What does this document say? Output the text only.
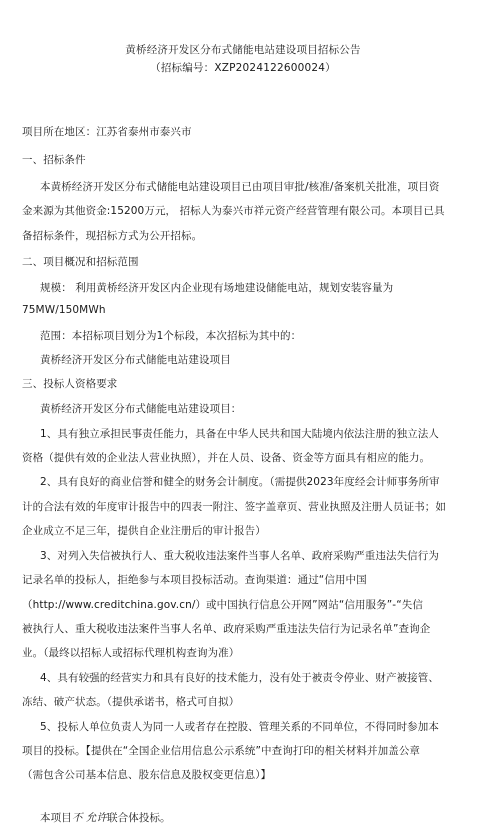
黄桥经济开发区分布式储能电站建设项目招标公告
（招标编号：XZP2024122600024）
项目所在地区：江苏省泰州市泰兴市
一、招标条件
本黄桥经济开发区分布式储能电站建设项目已由项目审批/核准/备案机关批准，项目资
金来源为其他资金:15200万元， 招标人为泰兴市祥元资产经营管理有限公司。本项目已具
备招标条件，现招标方式为公开招标。
二、项目概况和招标范围
规模： 利用黄桥经济开发区内企业现有场地建设储能电站，规划安装容量为
75MW/150MWh
范围：本招标项目划分为1个标段，本次招标为其中的：
黄桥经济开发区分布式储能电站建设项目
三、投标人资格要求
黄桥经济开发区分布式储能电站建设项目：
1、具有独立承担民事责任能力，具备在中华人民共和国大陆境内依法注册的独立法人
资格（提供有效的企业法人营业执照），并在人员、设备、资金等方面具有相应的能力。
2、具有良好的商业信誉和健全的财务会计制度。（需提供2023年度经会计师事务所审
计的合法有效的年度审计报告中的四表一附注、签字盖章页、营业执照及注册人员证书；如
企业成立不足三年，提供自企业注册后的审计报告）
3、对列入失信被执行人、重大税收违法案件当事人名单、政府采购严重违法失信行为
记录名单的投标人，拒绝参与本项目投标活动。查询渠道：通过“信用中国
（http://www.creditchina.gov.cn/）或中国执行信息公开网”网站“信用服务”-“失信
被执行人、重大税收违法案件当事人名单、政府采购严重违法失信行为记录名单”查询企
业。（最终以招标人或招标代理机构查询为准）
4、具有较强的经营实力和具有良好的技术能力，没有处于被责令停业、财产被接管、
冻结、破产状态。（提供承诺书，格式可自拟）
5、投标人单位负责人为同一人或者存在控股、管理关系的不同单位，不得同时参加本
项目的投标。【提供在“全国企业信用信息公示系统”中查询打印的相关材料并加盖公章
（需包含公司基本信息、股东信息及股权变更信息）】
本项目不 允许联合体投标。
